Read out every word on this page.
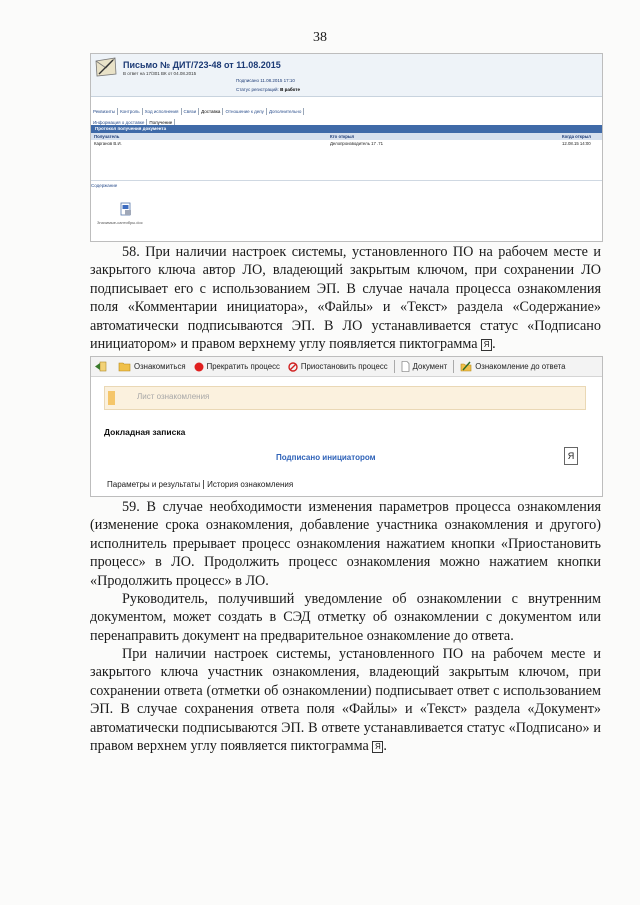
38
Письмо № ДИТ/723-48 от 11.08.2015
В ответ на 17/301 ВК от 04.08.2015
Подписано 11.08.2015 17:10
Статус регистраций: В работе
Реквизиты Контроль Ход исполнения Связи Доставка Отношение к делу Дополнительно
Информация о доставке Получение
Протокол получения документа
Получатель	Кто открыл	Когда открыл
Карганов В.И.	Делопроизводитель 17 .71	12.08.15 14:00
Содержание
Значимые-сантибры.doc

58. При наличии настроек системы, установленного ПО на рабочем месте и закрытого ключа автор ЛО, владеющий закрытым ключом, при сохранении ЛО подписывает его с использованием ЭП. В случае начала процесса ознакомления поля «Комментарии инициатора», «Файлы» и «Текст» раздела «Содержание» автоматически подписываются ЭП. В ЛО устанавливается статус «Подписано инициатором» и правом верхнему углу появляется пиктограмма Я .

Ознакомиться	Прекратить процесс	Приостановить процесс	Документ	Ознакомление до ответа
Лист ознакомления
Докладная записка
Подписано инициатором	Я
Параметры и результаты История ознакомления

59. В случае необходимости изменения параметров процесса ознакомления (изменение срока ознакомления, добавление участника ознакомления и другого) исполнитель прерывает процесс ознакомления нажатием кнопки «Приостановить процесс» в ЛО. Продолжить процесс ознакомления можно нажатием кнопки «Продолжить процесс» в ЛО.

Руководитель, получивший уведомление об ознакомлении с внутренним документом, может создать в СЭД отметку об ознакомлении с документом или перенаправить документ на предварительное ознакомление до ответа.

При наличии настроек системы, установленного ПО на рабочем месте и закрытого ключа участник ознакомления, владеющий закрытым ключом, при сохранении ответа (отметки об ознакомлении) подписывает ответ с использованием ЭП. В случае сохранения ответа поля «Файлы» и «Текст» раздела «Документ» автоматически подписываются ЭП. В ответе устанавливается статус «Подписано» и правом верхнем углу появляется пиктограмма Я .
